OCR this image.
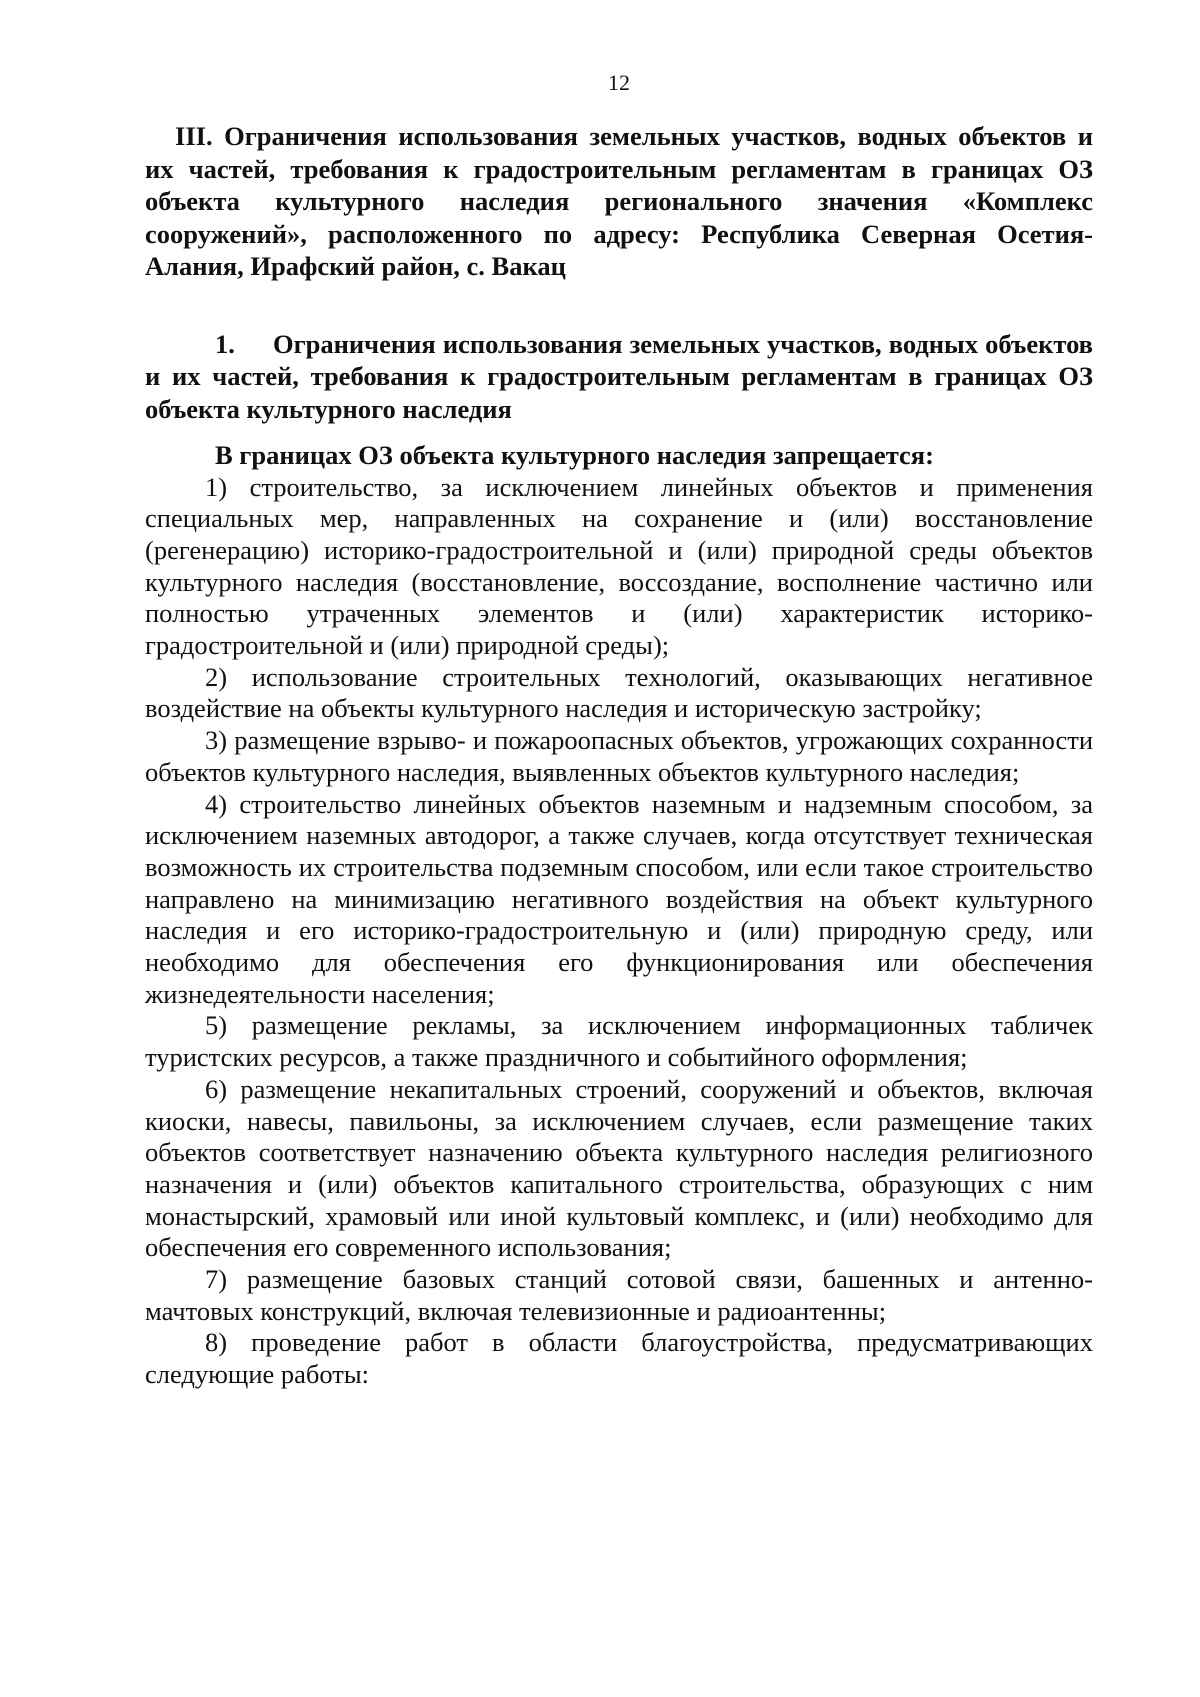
12

III. Ограничения использования земельных участков, водных объектов и их частей, требования к градостроительным регламентам в границах ОЗ объекта культурного наследия регионального значения «Комплекс сооружений», расположенного по адресу: Республика Северная Осетия-Алания, Ирафский район, с. Вакац

1. Ограничения использования земельных участков, водных объектов и их частей, требования к градостроительным регламентам в границах ОЗ объекта культурного наследия

В границах ОЗ объекта культурного наследия запрещается:

1) строительство, за исключением линейных объектов и применения специальных мер, направленных на сохранение и (или) восстановление (регенерацию) историко-градостроительной и (или) природной среды объектов культурного наследия (восстановление, воссоздание, восполнение частично или полностью утраченных элементов и (или) характеристик историко-градостроительной и (или) природной среды);

2) использование строительных технологий, оказывающих негативное воздействие на объекты культурного наследия и историческую застройку;

3) размещение взрыво- и пожароопасных объектов, угрожающих сохранности объектов культурного наследия, выявленных объектов культурного наследия;

4) строительство линейных объектов наземным и надземным способом, за исключением наземных автодорог, а также случаев, когда отсутствует техническая возможность их строительства подземным способом, или если такое строительство направлено на минимизацию негативного воздействия на объект культурного наследия и его историко-градостроительную и (или) природную среду, или необходимо для обеспечения его функционирования или обеспечения жизнедеятельности населения;

5) размещение рекламы, за исключением информационных табличек туристских ресурсов, а также праздничного и событийного оформления;

6) размещение некапитальных строений, сооружений и объектов, включая киоски, навесы, павильоны, за исключением случаев, если размещение таких объектов соответствует назначению объекта культурного наследия религиозного назначения и (или) объектов капитального строительства, образующих с ним монастырский, храмовый или иной культовый комплекс, и (или) необходимо для обеспечения его современного использования;

7) размещение базовых станций сотовой связи, башенных и антенно-мачтовых конструкций, включая телевизионные и радиоантенны;

8) проведение работ в области благоустройства, предусматривающих следующие работы:
